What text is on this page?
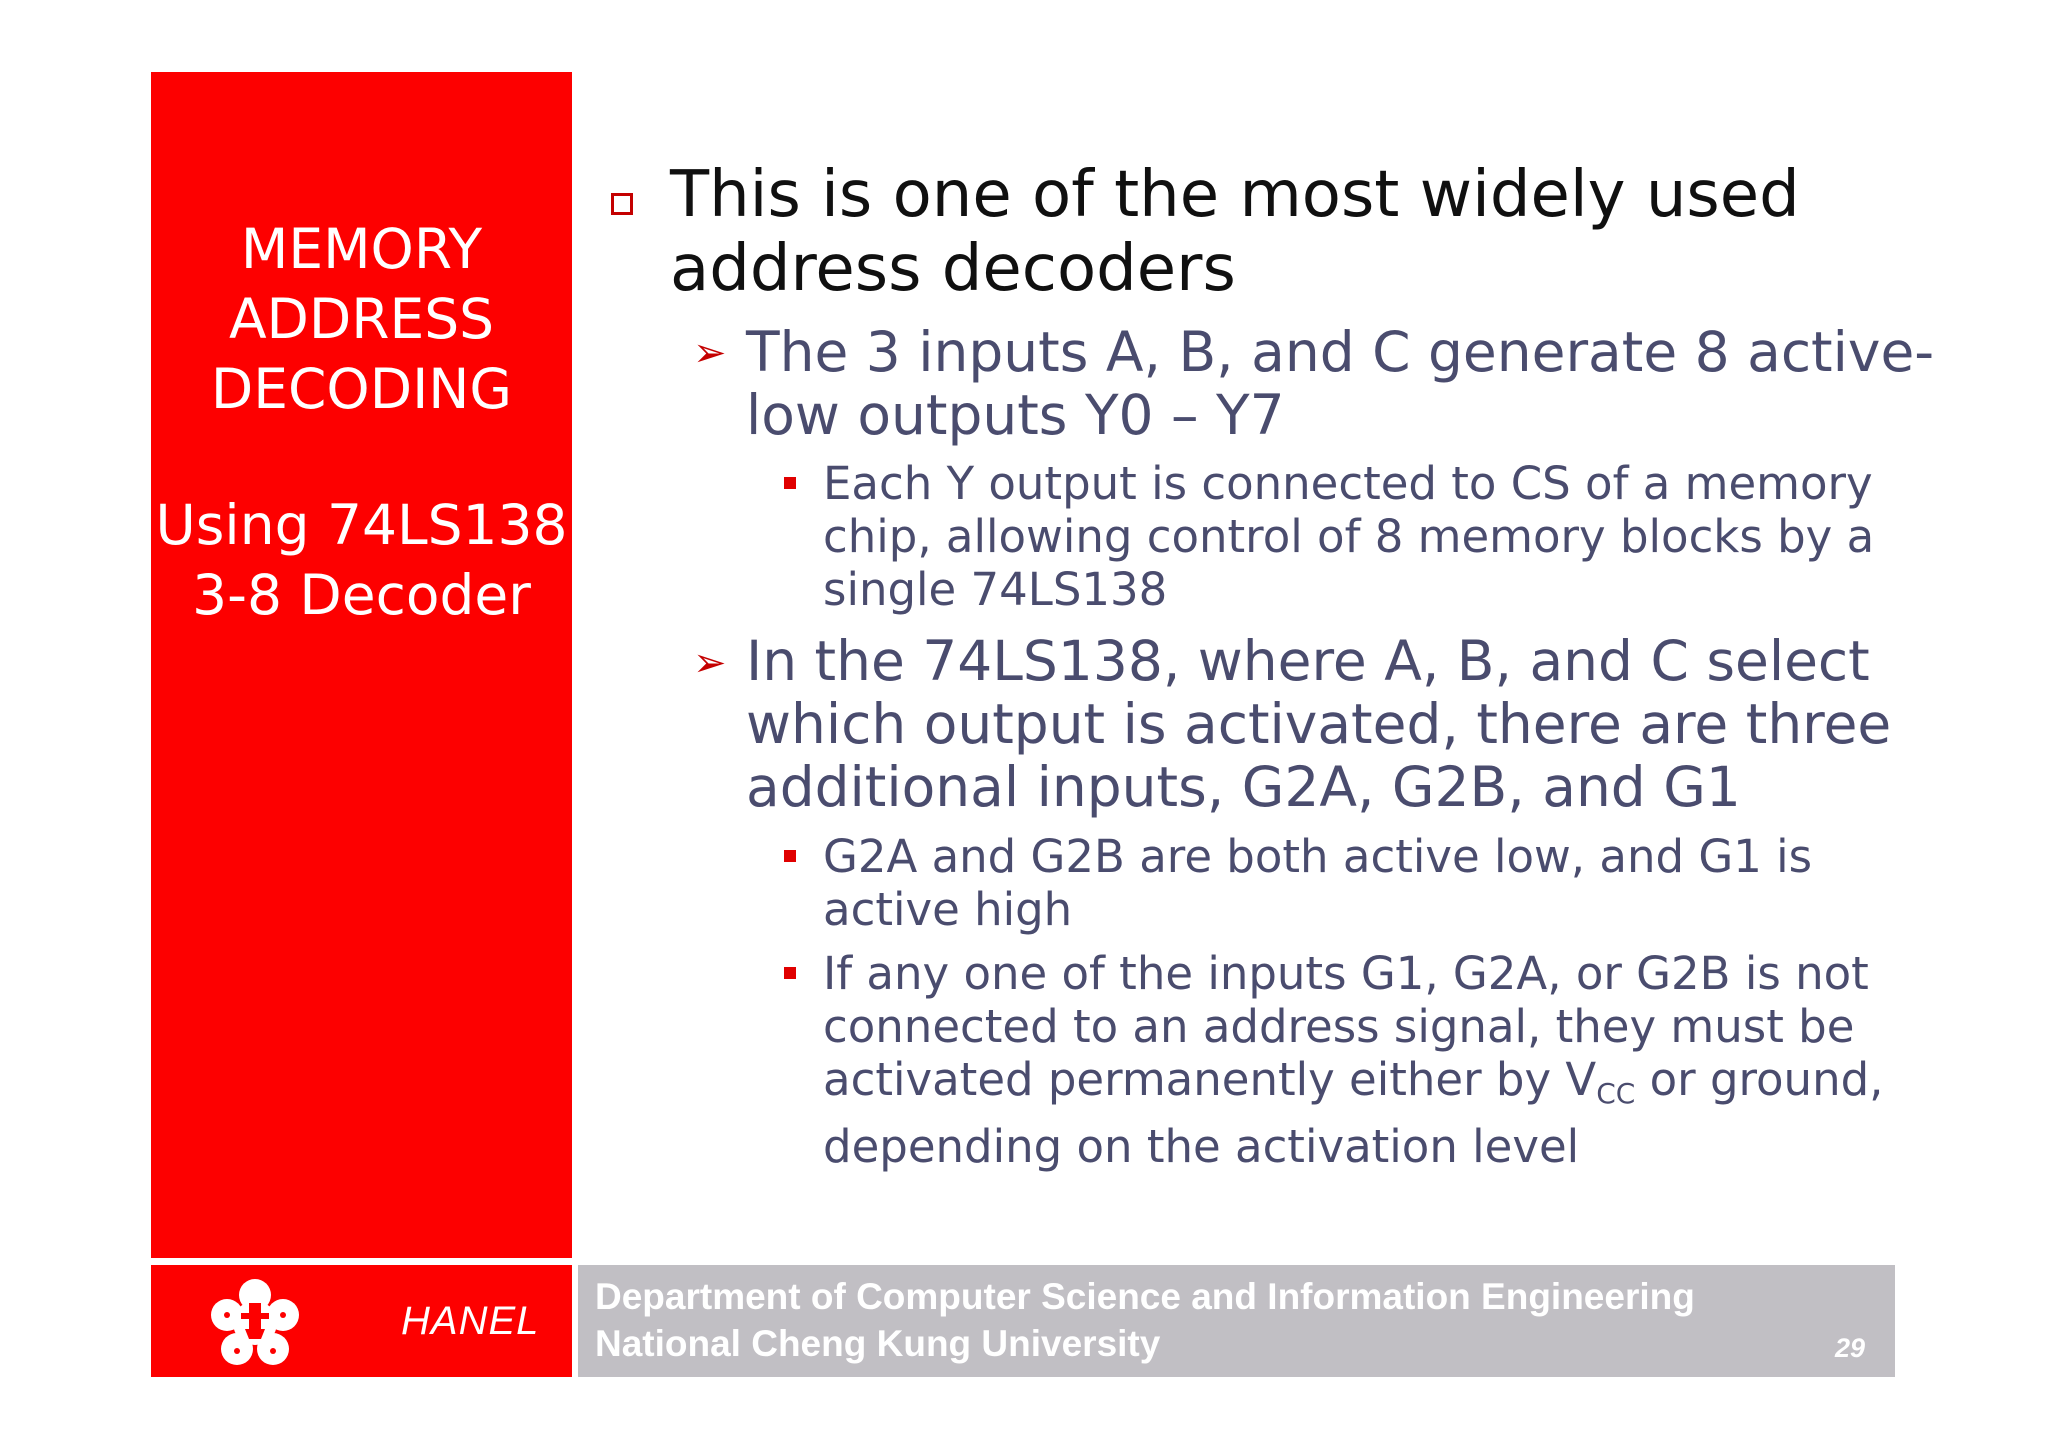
MEMORY
ADDRESS
DECODING
Using 74LS138
3-8 Decoder
This is one of the most widely used
address decoders
➢ The 3 inputs A, B, and C generate 8 active-
low outputs Y0 – Y7
Each Y output is connected to CS of a memory
chip, allowing control of 8 memory blocks by a
single 74LS138
➢ In the 74LS138, where A, B, and C select
which output is activated, there are three
additional inputs, G2A, G2B, and G1
G2A and G2B are both active low, and G1 is
active high
If any one of the inputs G1, G2A, or G2B is not
connected to an address signal, they must be
activated permanently either by $V_{CC}$ or ground,
depending on the activation level
HANEL
Department of Computer Science and Information Engineering
National Cheng Kung University	29
